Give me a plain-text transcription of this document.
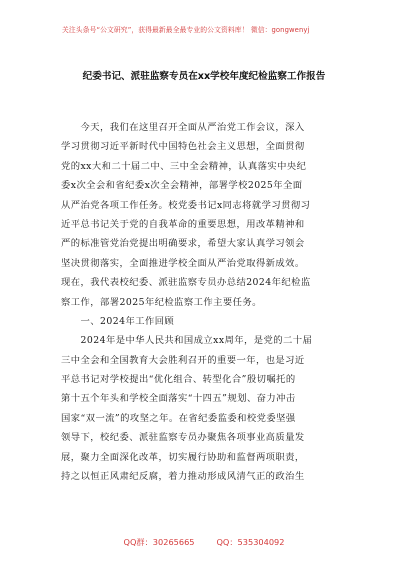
关注头条号“公文研究”，获得最新最全最专业的公文资料库！ 微信：gongwenyj
纪委书记、派驻监察专员在xx学校年度纪检监察工作报告
　　今天，我们在这里召开全面从严治党工作会议，深入
学习贯彻习近平新时代中国特色社会主义思想，全面贯彻
党的xx大和二十届二中、三中全会精神，认真落实中央纪
委x次全会和省纪委x次全会精神，部署学校2025年全面
从严治党各项工作任务。校党委书记x同志将就学习贯彻习
近平总书记关于党的自我革命的重要思想，用改革精神和
严的标准管党治党提出明确要求，希望大家认真学习领会
坚决贯彻落实，全面推进学校全面从严治党取得新成效。
现在，我代表校纪委、派驻监察专员办总结2024年纪检监
察工作，部署2025年纪检监察工作主要任务。
　　一、2024年工作回顾
　　2024年是中华人民共和国成立xx周年，是党的二十届
三中全会和全国教育大会胜利召开的重要一年，也是习近
平总书记对学校提出“优化组合、转型化合”殷切嘱托的
第十五个年头和学校全面落实“十四五”规划、奋力冲击
国家“双一流”的攻坚之年。在省纪委监委和校党委坚强
领导下，校纪委、派驻监察专员办聚焦各项事业高质量发
展，聚力全面深化改革，切实履行协助和监督两项职责，
持之以恒正风肃纪反腐，着力推动形成风清气正的政治生
QQ群：30265665	QQ：535304092
